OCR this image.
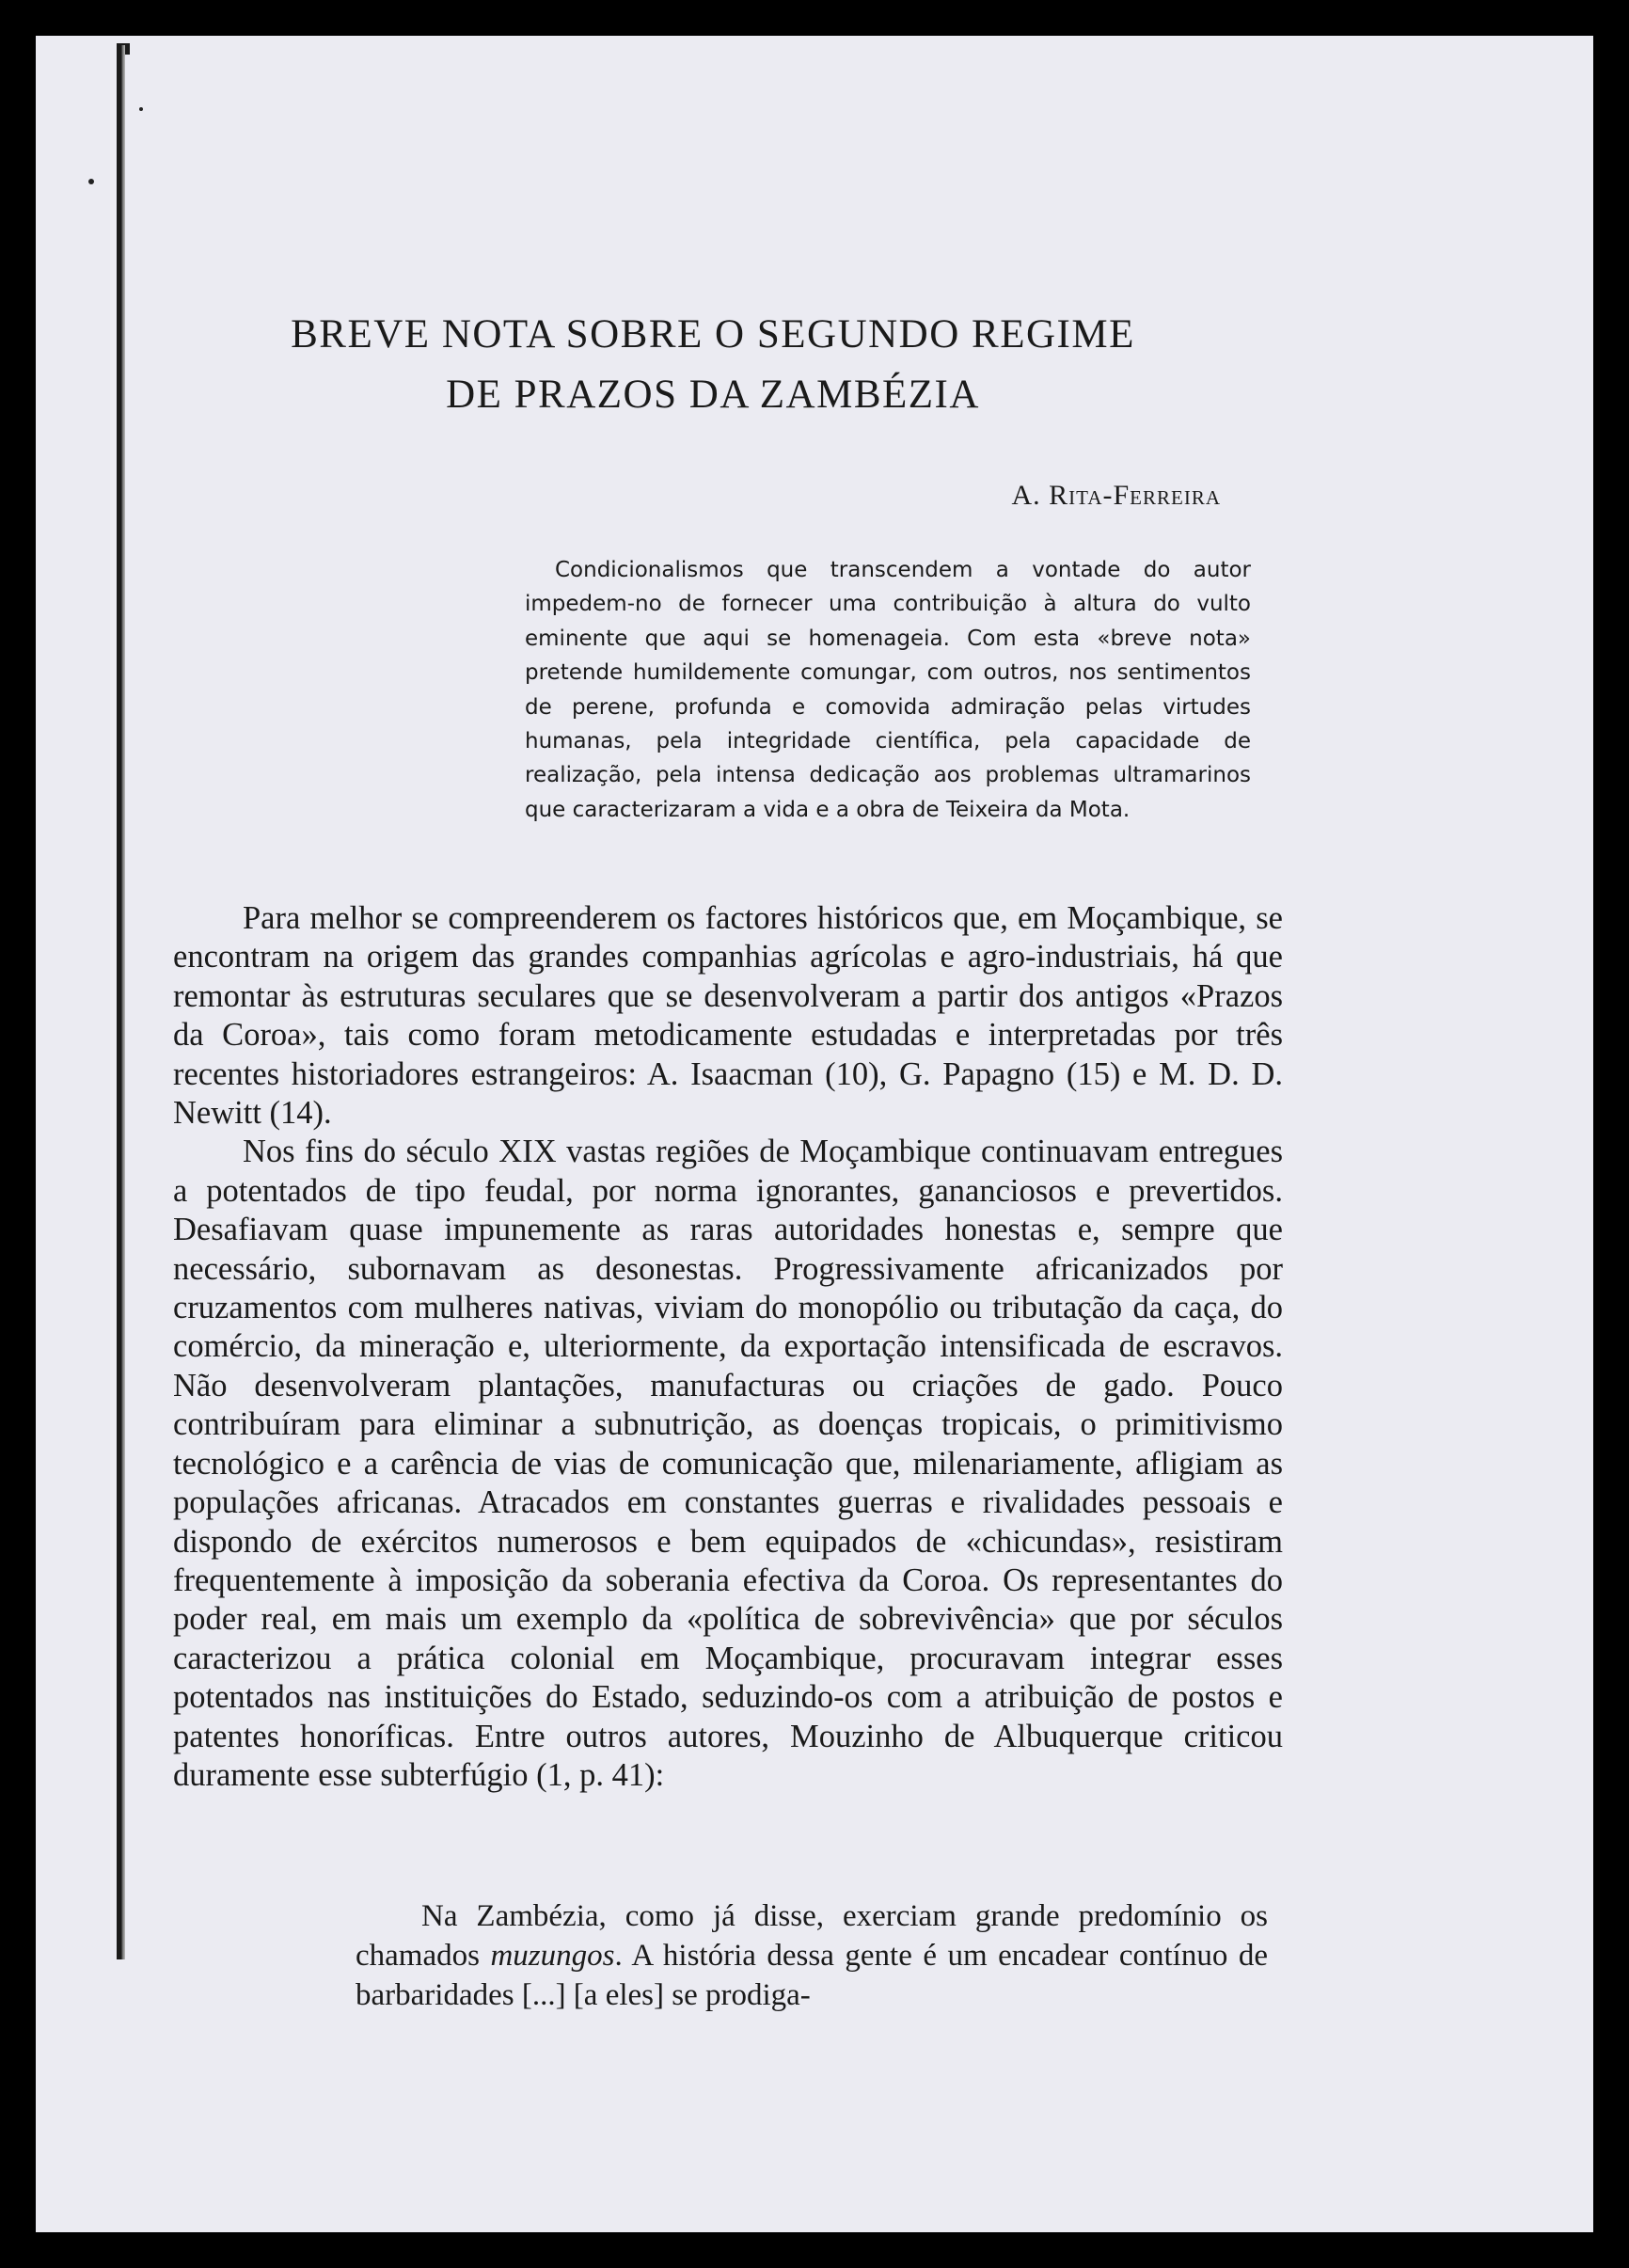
BREVE NOTA SOBRE O SEGUNDO REGIME
DE PRAZOS DA ZAMBÉZIA
A. Rita-Ferreira

Condicionalismos que transcendem a vontade do autor impedem-no de fornecer uma contribuição à altura do vulto eminente que aqui se homenageia. Com esta «breve nota» pretende humildemente comungar, com outros, nos sentimentos de perene, profunda e comovida admiração pelas virtudes humanas, pela integridade científica, pela capacidade de realização, pela intensa dedicação aos problemas ultramarinos que caracterizaram a vida e a obra de Teixeira da Mota.

Para melhor se compreenderem os factores históricos que, em Moçambique, se encontram na origem das grandes companhias agrícolas e agro-industriais, há que remontar às estruturas seculares que se desenvolveram a partir dos antigos «Prazos da Coroa», tais como foram metodicamente estudadas e interpretadas por três recentes historiadores estrangeiros: A. Isaacman (10), G. Papagno (15) e M. D. D. Newitt (14).

Nos fins do século XIX vastas regiões de Moçambique continuavam entregues a potentados de tipo feudal, por norma ignorantes, gananciosos e prevertidos. Desafiavam quase impunemente as raras autoridades honestas e, sempre que necessário, subornavam as desonestas. Progressivamente africanizados por cruzamentos com mulheres nativas, viviam do monopólio ou tributação da caça, do comércio, da mineração e, ulteriormente, da exportação intensificada de escravos. Não desenvolveram plantações, manufacturas ou criações de gado. Pouco contribuíram para eliminar a subnutrição, as doenças tropicais, o primitivismo tecnológico e a carência de vias de comunicação que, milenariamente, afligiam as populações africanas. Atracados em constantes guerras e rivalidades pessoais e dispondo de exércitos numerosos e bem equipados de «chicundas», resistiram frequentemente à imposição da soberania efectiva da Coroa. Os representantes do poder real, em mais um exemplo da «política de sobrevivência» que por séculos caracterizou a prática colonial em Moçambique, procuravam integrar esses potentados nas instituições do Estado, seduzindo-os com a atribuição de postos e patentes honoríficas. Entre outros autores, Mouzinho de Albuquerque criticou duramente esse subterfúgio (1, p. 41):

Na Zambézia, como já disse, exerciam grande predomínio os chamados muzungos. A história dessa gente é um encadear contínuo de barbaridades [...] [a eles] se prodiga-
